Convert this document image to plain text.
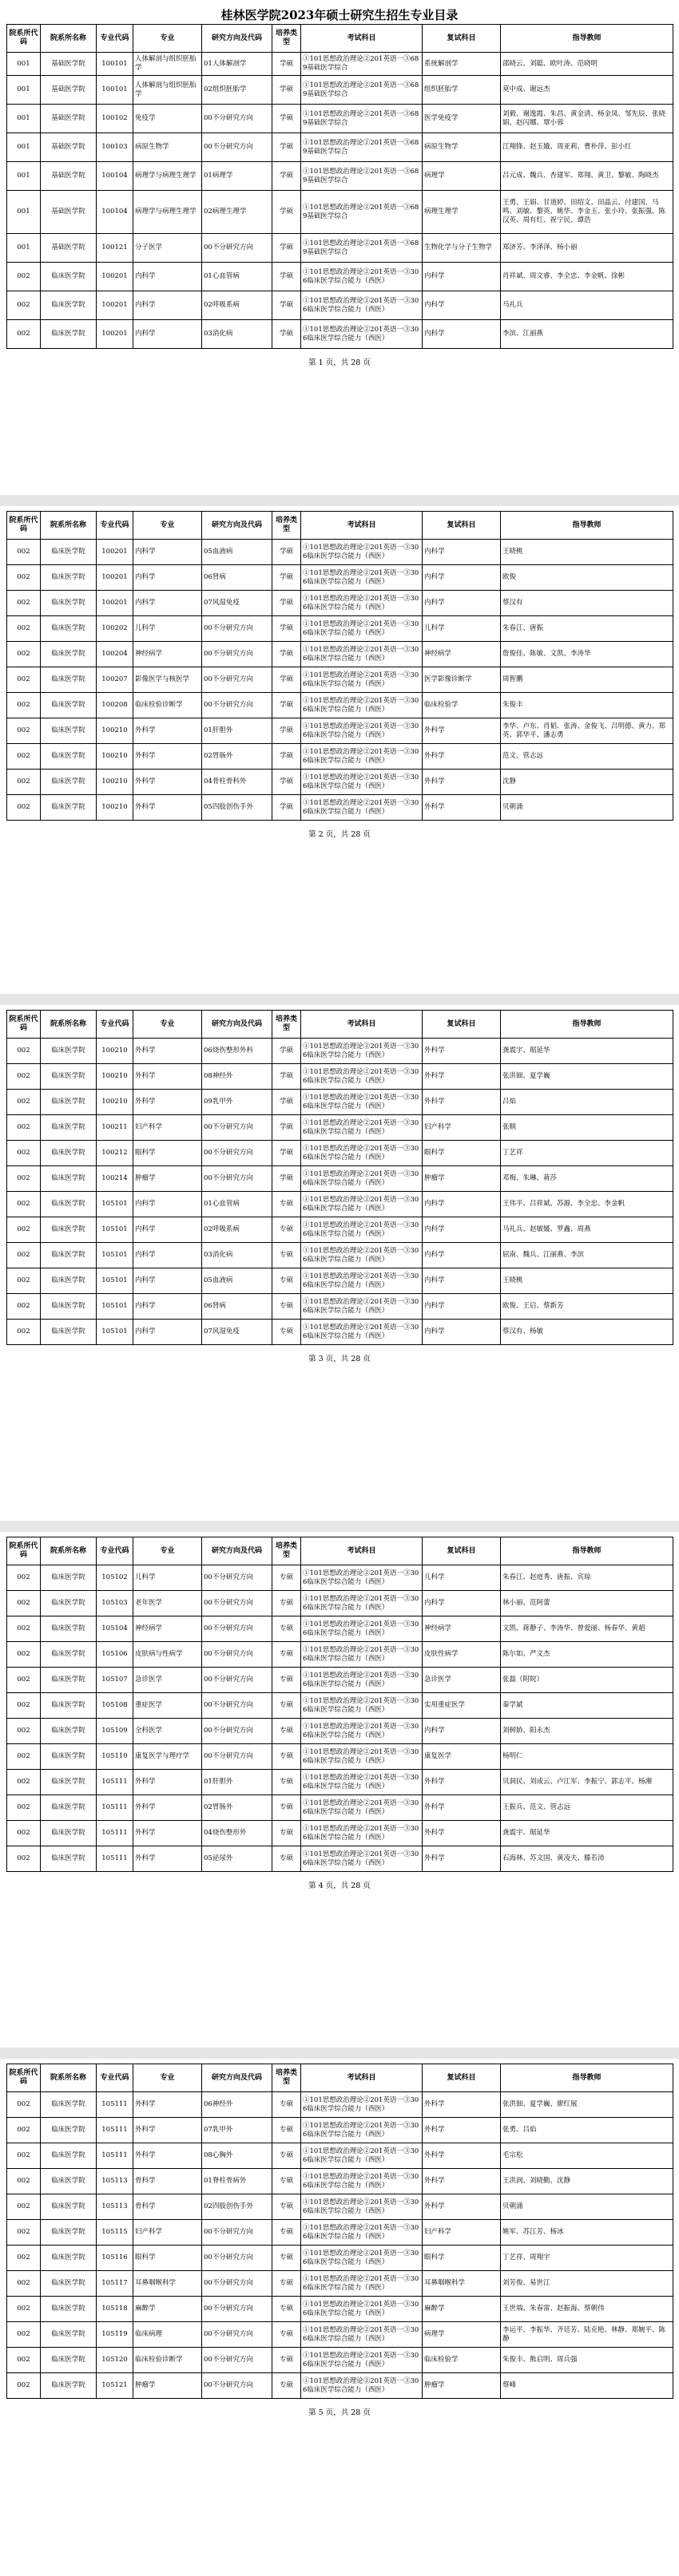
桂林医学院2023年硕士研究生招生专业目录
院系所代码	院系所名称	专业代码	专业	研究方向及代码	培养类型	考试科目	复试科目	指导教师
001	基础医学院	100101	人体解剖与组织胚胎学	01人体解剖学	学硕	①101思想政治理论②201英语一③689基础医学综合	系统解剖学	邵晓云、刘聪、欧叶涛、范晓明
001	基础医学院	100101	人体解剖与组织胚胎学	02组织胚胎学	学硕	①101思想政治理论②201英语一③689基础医学综合	组织胚胎学	莫中成、谢远杰
001	基础医学院	100102	免疫学	00不分研究方向	学硕	①101思想政治理论②201英语一③689基础医学综合	医学免疫学	刘毅、谢逸霞、朱昌、黄金清、杨金凤、邹先辰、张晓娟、赵闪娜、覃小蓉
001	基础医学院	100103	病原生物学	00不分研究方向	学硕	①101思想政治理论②201英语一③689基础医学综合	病原生物学	江翔锋、赵玉娥、周亚莉、曹朴萍、彭小红
001	基础医学院	100104	病理学与病理生理学	01病理学	学硕	①101思想政治理论②201英语一③689基础医学综合	病理学	吕元成、魏兵、杏建军、郑翔、黄卫、黎敏、陶晓杰
001	基础医学院	100104	病理学与病理生理学	02病理生理学	学硕	①101思想政治理论②201英语一③689基础医学综合	病理生理学	王勇、王娟、甘道婷、田绍文、田晶云、付建国、马鸣、刘敏、黎英、姚华、李金玉、张小玲、张振强、陈汉英、周有红、祝宁民、谭浩
001	基础医学院	100121	分子医学	00不分研究方向	学硕	①101思想政治理论②201英语一③689基础医学综合	生物化学与分子生物学	郑济芳、李泽泽、杨小丽
002	临床医学院	100201	内科学	01心血管病	学硕	①101思想政治理论②201英语一③306临床医学综合能力（西医）	内科学	肖祥斌、周文睿、李全忠、李金帆、徐彬
002	临床医学院	100201	内科学	02呼吸系病	学硕	①101思想政治理论②201英语一③306临床医学综合能力（西医）	内科学	马礼兵
002	临床医学院	100201	内科学	03消化病	学硕	①101思想政治理论②201英语一③306临床医学综合能力（西医）	内科学	李滨、江丽燕
第 1 页，共 28 页
院系所代码	院系所名称	专业代码	专业	研究方向及代码	培养类型	考试科目	复试科目	指导教师
002	临床医学院	100201	内科学	05血液病	学硕	①101思想政治理论②201英语一③306临床医学综合能力（西医）	内科学	王晓桃
002	临床医学院	100201	内科学	06肾病	学硕	①101思想政治理论②201英语一③306临床医学综合能力（西医）	内科学	欧俊
002	临床医学院	100201	内科学	07风湿免疫	学硕	①101思想政治理论②201英语一③306临床医学综合能力（西医）	内科学	蔡汉有
002	临床医学院	100202	儿科学	00不分研究方向	学硕	①101思想政治理论②201英语一③306临床医学综合能力（西医）	儿科学	朱春江、唐振
002	临床医学院	100204	神经病学	00不分研究方向	学硕	①101思想政治理论②201英语一③306临床医学综合能力（西医）	神经病学	詹俊佳、陈敏、文凯、李涛华
002	临床医学院	100207	影像医学与核医学	00不分研究方向	学硕	①101思想政治理论②201英语一③306临床医学综合能力（西医）	医学影像诊断学	周智鹏
002	临床医学院	100208	临床检验诊断学	00不分研究方向	学硕	①101思想政治理论②201英语一③306临床医学综合能力（西医）	临床检验学	朱俊丰
002	临床医学院	100210	外科学	01肝胆外	学硕	①101思想政治理论②201英语一③306临床医学综合能力（西医）	外科学	李华、卢东、肖韬、张涛、金俊飞、吕明德、黄力、郑英、郭华平、潘志勇
002	临床医学院	100210	外科学	02胃肠外	学硕	①101思想政治理论②201英语一③306临床医学综合能力（西医）	外科学	范文、管志远
002	临床医学院	100210	外科学	04骨柱骨科外	学硕	①101思想政治理论②201英语一③306临床医学综合能力（西医）	外科学	沈静
002	临床医学院	100210	外科学	05四肢创伤手外	学硕	①101思想政治理论②201英语一③306临床医学综合能力（西医）	外科学	贝朝涌
第 2 页，共 28 页
院系所代码	院系所名称	专业代码	专业	研究方向及代码	培养类型	考试科目	复试科目	指导教师
002	临床医学院	100210	外科学	06烧伤整形外科	学硕	①101思想政治理论②201英语一③306临床医学综合能力（西医）	外科学	龚震宇、琚延华
002	临床医学院	100210	外科学	08神经外	学硕	①101思想政治理论②201英语一③306临床医学综合能力（西医）	外科学	张洪钿、夏学巍
002	临床医学院	100210	外科学	09乳甲外	学硕	①101思想政治理论②201英语一③306临床医学综合能力（西医）	外科学	吕焰
002	临床医学院	100211	妇产科学	00不分研究方向	学硕	①101思想政治理论②201英语一③306临床医学综合能力（西医）	妇产科学	张顺
002	临床医学院	100212	眼科学	00不分研究方向	学硕	①101思想政治理论②201英语一③306临床医学综合能力（西医）	眼科学	丁艺祥
002	临床医学院	100214	肿瘤学	00不分研究方向	学硕	①101思想政治理论②201英语一③306临床医学综合能力（西医）	肿瘤学	邓梅、朱琳、蒋莎
002	临床医学院	105101	内科学	01心血管病	专硕	①101思想政治理论②201英语一③306临床医学综合能力（西医）	内科学	王伟平、吕祥斌、苏源、李全忠、李金帆
002	临床医学院	105101	内科学	02呼吸系病	专硕	①101思想政治理论②201英语一③306临床医学综合能力（西医）	内科学	马礼兵、赵敏媛、罗鑫、周燕
002	临床医学院	105101	内科学	03消化病	专硕	①101思想政治理论②201英语一③306临床医学综合能力（西医）	内科学	屈南、魏兵、江丽燕、李滨
002	临床医学院	105101	内科学	05血液病	专硕	①101思想政治理论②201英语一③306临床医学综合能力（西医）	内科学	王晓桃
002	临床医学院	105101	内科学	06肾病	专硕	①101思想政治理论②201英语一③306临床医学综合能力（西医）	内科学	欧俊、王启、蔡新芳
002	临床医学院	105101	内科学	07风湿免疫	专硕	①101思想政治理论②201英语一③306临床医学综合能力（西医）	内科学	蔡汉有、杨敏
第 3 页，共 28 页
院系所代码	院系所名称	专业代码	专业	研究方向及代码	培养类型	考试科目	复试科目	指导教师
002	临床医学院	105102	儿科学	00不分研究方向	专硕	①101思想政治理论②201英语一③306临床医学综合能力（西医）	儿科学	朱春江、赵庭秀、唐振、宾琼
002	临床医学院	105103	老年医学	00不分研究方向	专硕	①101思想政治理论②201英语一③306临床医学综合能力（西医）	内科学	林小丽、范阿蕾
002	临床医学院	105104	神经病学	00不分研究方向	专硕	①101思想政治理论②201英语一③306临床医学综合能力（西医）	神经病学	文凯、蒋静子、李涛华、曾爱丽、杨春华、黄超
002	临床医学院	105106	皮肤病与性病学	00不分研究方向	专硕	①101思想政治理论②201英语一③306临床医学综合能力（西医）	皮肤性病学	陈尔如、严文杰
002	临床医学院	105107	急诊医学	00不分研究方向	专硕	①101思想政治理论②201英语一③306临床医学综合能力（西医）	急诊医学	张磊（附院）
002	临床医学院	105108	重症医学	00不分研究方向	专硕	①101思想政治理论②201英语一③306临床医学综合能力（西医）	实用重症医学	秦学斌
002	临床医学院	105109	全科医学	00不分研究方向	专硕	①101思想政治理论②201英语一③306临床医学综合能力（西医）	内科学	刘树娇、阳永杰
002	临床医学院	105110	康复医学与理疗学	00不分研究方向	专硕	①101思想政治理论②201英语一③306临床医学综合能力（西医）	康复医学	杨明仁
002	临床医学院	105111	外科学	01肝胆外	专硕	①101思想政治理论②201英语一③306临床医学综合能力（西医）	外科学	贝洞民、刘成云、卢江军、李振宁、郭志平、杨湘
002	临床医学院	105111	外科学	02胃肠外	专硕	①101思想政治理论②201英语一③306临床医学综合能力（西医）	外科学	王振兵、范文、管志远
002	临床医学院	105111	外科学	04烧伤整形外	专硕	①101思想政治理论②201英语一③306临床医学综合能力（西医）	外科学	龚震宇、琚延华
002	临床医学院	105111	外科学	05泌尿外	专硕	①101思想政治理论②201英语一③306临床医学综合能力（西医）	外科学	石海林、苏文国、黄凌夫、滕若沛
第 4 页，共 28 页
院系所代码	院系所名称	专业代码	专业	研究方向及代码	培养类型	考试科目	复试科目	指导教师
002	临床医学院	105111	外科学	06神经外	专硕	①101思想政治理论②201英语一③306临床医学综合能力（西医）	外科学	张洪钿、夏学巍、廖红展
002	临床医学院	105111	外科学	07乳甲外	专硕	①101思想政治理论②201英语一③306临床医学综合能力（西医）	外科学	张勇、吕焰
002	临床医学院	105111	外科学	08心胸外	专硕	①101思想政治理论②201英语一③306临床医学综合能力（西医）	外科学	毛宗松
002	临床医学院	105113	骨科学	01脊柱骨病外	专硕	①101思想政治理论②201英语一③306临床医学综合能力（西医）	外科学	王洪润、刘晓勤、沈静
002	临床医学院	105113	骨科学	02四肢创伤手外	专硕	①101思想政治理论②201英语一③306临床医学综合能力（西医）	外科学	贝朝涌
002	临床医学院	105115	妇产科学	00不分研究方向	专硕	①101思想政治理论②201英语一③306临床医学综合能力（西医）	妇产科学	姚军、苏江芳、杨冰
002	临床医学院	105116	眼科学	00不分研究方向	专硕	①101思想政治理论②201英语一③306临床医学综合能力（西医）	眼科学	丁艺祥、周翔宇
002	临床医学院	105117	耳鼻咽喉科学	00不分研究方向	专硕	①101思想政治理论②201英语一③306临床医学综合能力（西医）	耳鼻咽喉科学	刘芳俊、易世江
002	临床医学院	105118	麻醉学	00不分研究方向	专硕	①101思想政治理论②201英语一③306临床医学综合能力（西医）	麻醉学	王世端、朱春雷、赵振海、蔡朝伟
002	临床医学院	105119	临床病理	00不分研究方向	专硕	①101思想政治理论②201英语一③306临床医学综合能力（西医）	病理学	李运平、李振华、齐廷芳、陆克艳、林静、郑婉平、陈静
002	临床医学院	105120	临床检验诊断学	00不分研究方向	专硕	①101思想政治理论②201英语一③306临床医学综合能力（西医）	临床检验学	朱俊丰、熊启明、周兵强
002	临床医学院	105121	肿瘤学	00不分研究方向	专硕	①101思想政治理论②201英语一③306临床医学综合能力（西医）	肿瘤学	蔡峰
第 5 页，共 28 页
